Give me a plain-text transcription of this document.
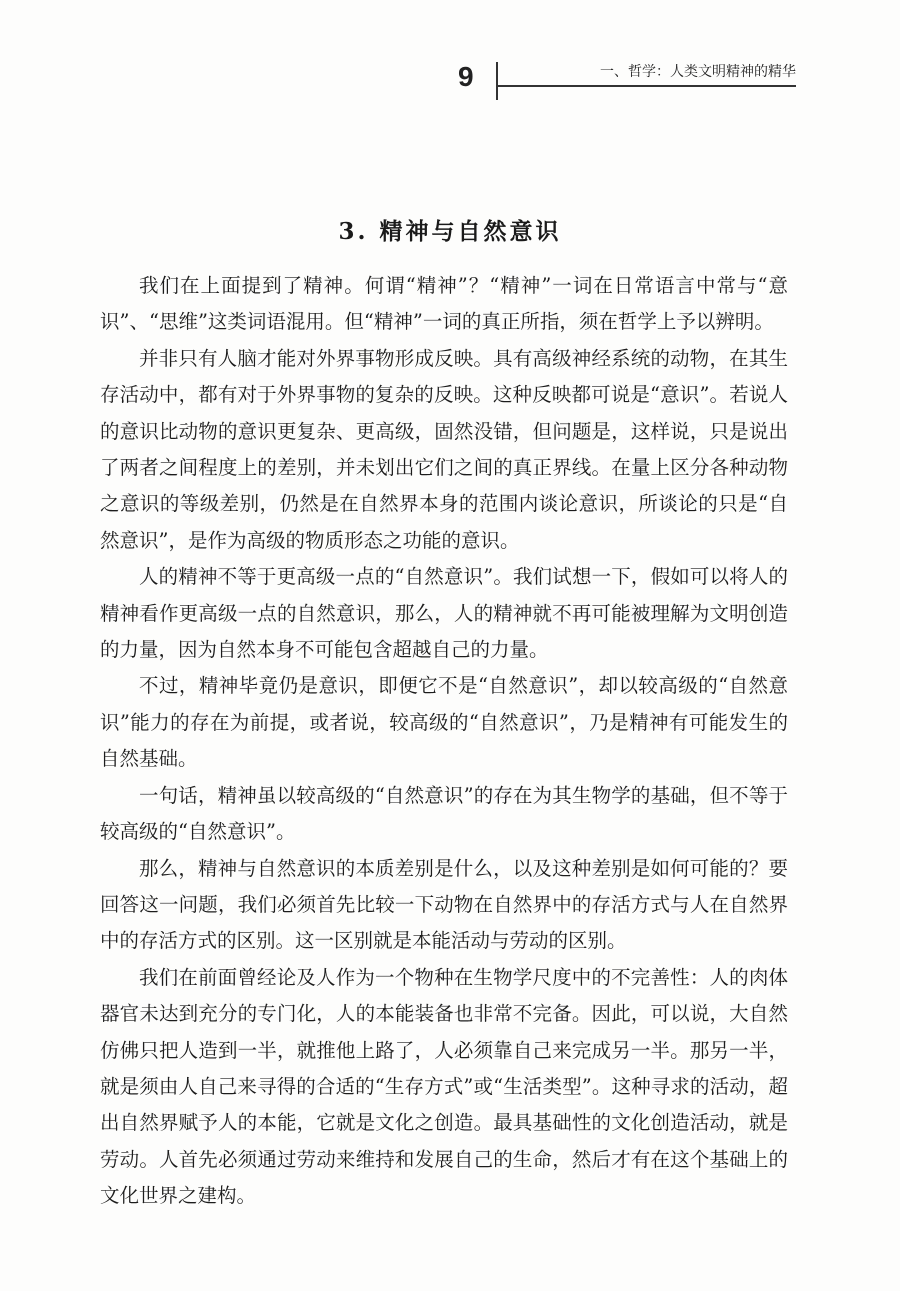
9	一、哲学：人类文明精神的精华
3. 精神与自然意识

我们在上面提到了精神。何谓“精神”？“精神”一词在日常语言中常与“意识”、“思维”这类词语混用。但“精神”一词的真正所指，须在哲学上予以辨明。

并非只有人脑才能对外界事物形成反映。具有高级神经系统的动物，在其生存活动中，都有对于外界事物的复杂的反映。这种反映都可说是“意识”。若说人的意识比动物的意识更复杂、更高级，固然没错，但问题是，这样说，只是说出了两者之间程度上的差别，并未划出它们之间的真正界线。在量上区分各种动物之意识的等级差别，仍然是在自然界本身的范围内谈论意识，所谈论的只是“自然意识”，是作为高级的物质形态之功能的意识。

人的精神不等于更高级一点的“自然意识”。我们试想一下，假如可以将人的精神看作更高级一点的自然意识，那么，人的精神就不再可能被理解为文明创造的力量，因为自然本身不可能包含超越自己的力量。

不过，精神毕竟仍是意识，即便它不是“自然意识”，却以较高级的“自然意识”能力的存在为前提，或者说，较高级的“自然意识”，乃是精神有可能发生的自然基础。

一句话，精神虽以较高级的“自然意识”的存在为其生物学的基础，但不等于较高级的“自然意识”。

那么，精神与自然意识的本质差别是什么，以及这种差别是如何可能的？要回答这一问题，我们必须首先比较一下动物在自然界中的存活方式与人在自然界中的存活方式的区别。这一区别就是本能活动与劳动的区别。

我们在前面曾经论及人作为一个物种在生物学尺度中的不完善性：人的肉体器官未达到充分的专门化，人的本能装备也非常不完备。因此，可以说，大自然仿佛只把人造到一半，就推他上路了，人必须靠自己来完成另一半。那另一半，就是须由人自己来寻得的合适的“生存方式”或“生活类型”。这种寻求的活动，超出自然界赋予人的本能，它就是文化之创造。最具基础性的文化创造活动，就是劳动。人首先必须通过劳动来维持和发展自己的生命，然后才有在这个基础上的文化世界之建构。
